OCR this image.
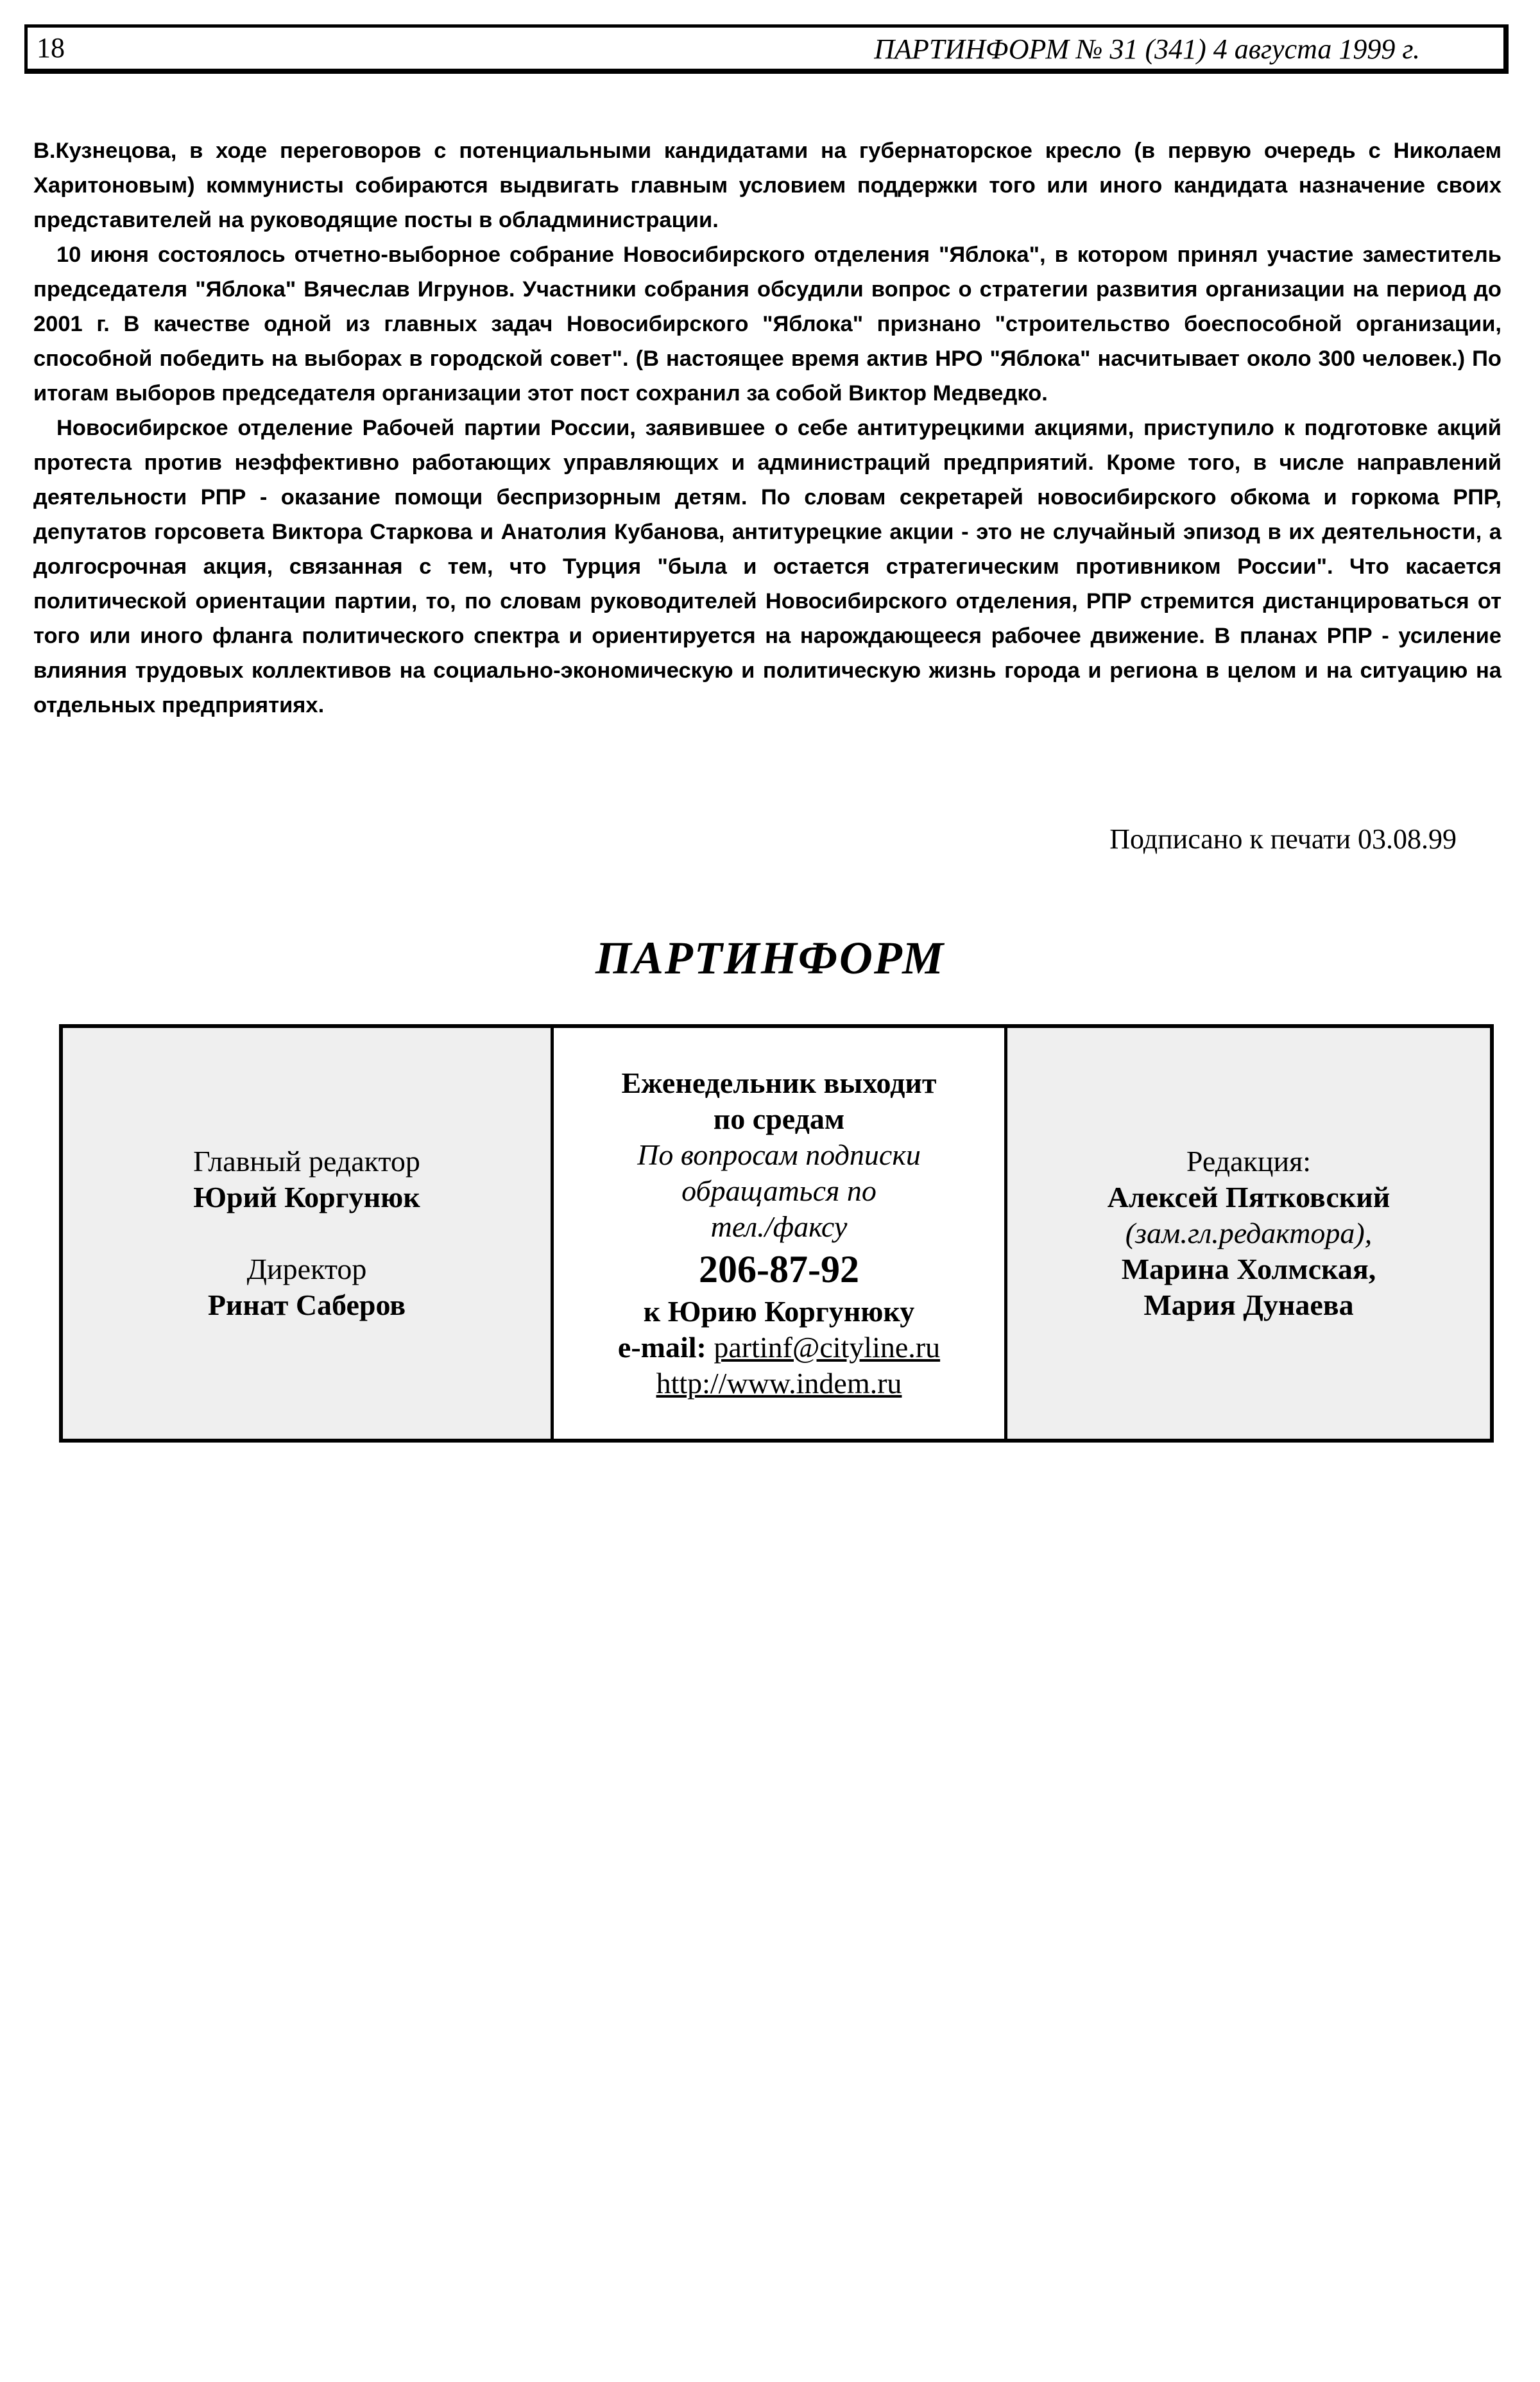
18	ПАРТИНФОРМ № 31 (341) 4 августа 1999 г.

В.Кузнецова, в ходе переговоров с потенциальными кандидатами на губернаторское кресло (в первую очередь с Николаем Харитоновым) коммунисты собираются выдвигать главным условием поддержки того или иного кандидата назначение своих представителей на руководящие посты в обладминистрации.

10 июня состоялось отчетно-выборное собрание Новосибирского отделения "Яблока", в котором принял участие заместитель председателя "Яблока" Вячеслав Игрунов. Участники собрания обсудили вопрос о стратегии развития организации на период до 2001 г. В качестве одной из главных задач Новосибирского "Яблока" признано "строительство боеспособной организации, способной победить на выборах в городской совет". (В настоящее время актив НРО "Яблока" насчитывает около 300 человек.) По итогам выборов председателя организации этот пост сохранил за собой Виктор Медведко.

Новосибирское отделение Рабочей партии России, заявившее о себе антитурецкими акциями, приступило к подготовке акций протеста против неэффективно работающих управляющих и администраций предприятий. Кроме того, в числе направлений деятельности РПР - оказание помощи беспризорным детям. По словам секретарей новосибирского обкома и горкома РПР, депутатов горсовета Виктора Старкова и Анатолия Кубанова, антитурецкие акции - это не случайный эпизод в их деятельности, а долгосрочная акция, связанная с тем, что Турция "была и остается стратегическим противником России". Что касается политической ориентации партии, то, по словам руководителей Новосибирского отделения, РПР стремится дистанцироваться от того или иного фланга политического спектра и ориентируется на нарождающееся рабочее движение. В планах РПР - усиление влияния трудовых коллективов на социально-экономическую и политическую жизнь города и региона в целом и на ситуацию на отдельных предприятиях.

Подписано к печати 03.08.99
ПАРТИНФОРМ
Главный редактор
Юрий Коргунюк
Директор
Ринат Саберов
Еженедельник выходит
по средам
По вопросам подписки
обращаться по
тел./факсу
206-87-92
к Юрию Коргунюку
e-mail: partinf@cityline.ru
http://www.indem.ru
Редакция:
Алексей Пятковский
(зам.гл.редактора),
Марина Холмская,
Мария Дунаева
